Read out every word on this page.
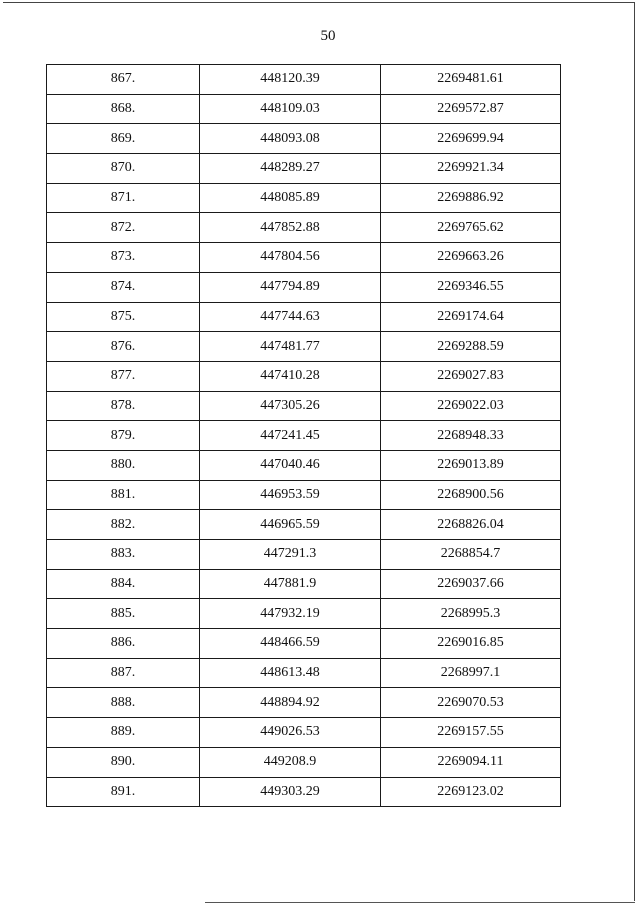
50
867.	448120.39	2269481.61
868.	448109.03	2269572.87
869.	448093.08	2269699.94
870.	448289.27	2269921.34
871.	448085.89	2269886.92
872.	447852.88	2269765.62
873.	447804.56	2269663.26
874.	447794.89	2269346.55
875.	447744.63	2269174.64
876.	447481.77	2269288.59
877.	447410.28	2269027.83
878.	447305.26	2269022.03
879.	447241.45	2268948.33
880.	447040.46	2269013.89
881.	446953.59	2268900.56
882.	446965.59	2268826.04
883.	447291.3	2268854.7
884.	447881.9	2269037.66
885.	447932.19	2268995.3
886.	448466.59	2269016.85
887.	448613.48	2268997.1
888.	448894.92	2269070.53
889.	449026.53	2269157.55
890.	449208.9	2269094.11
891.	449303.29	2269123.02
